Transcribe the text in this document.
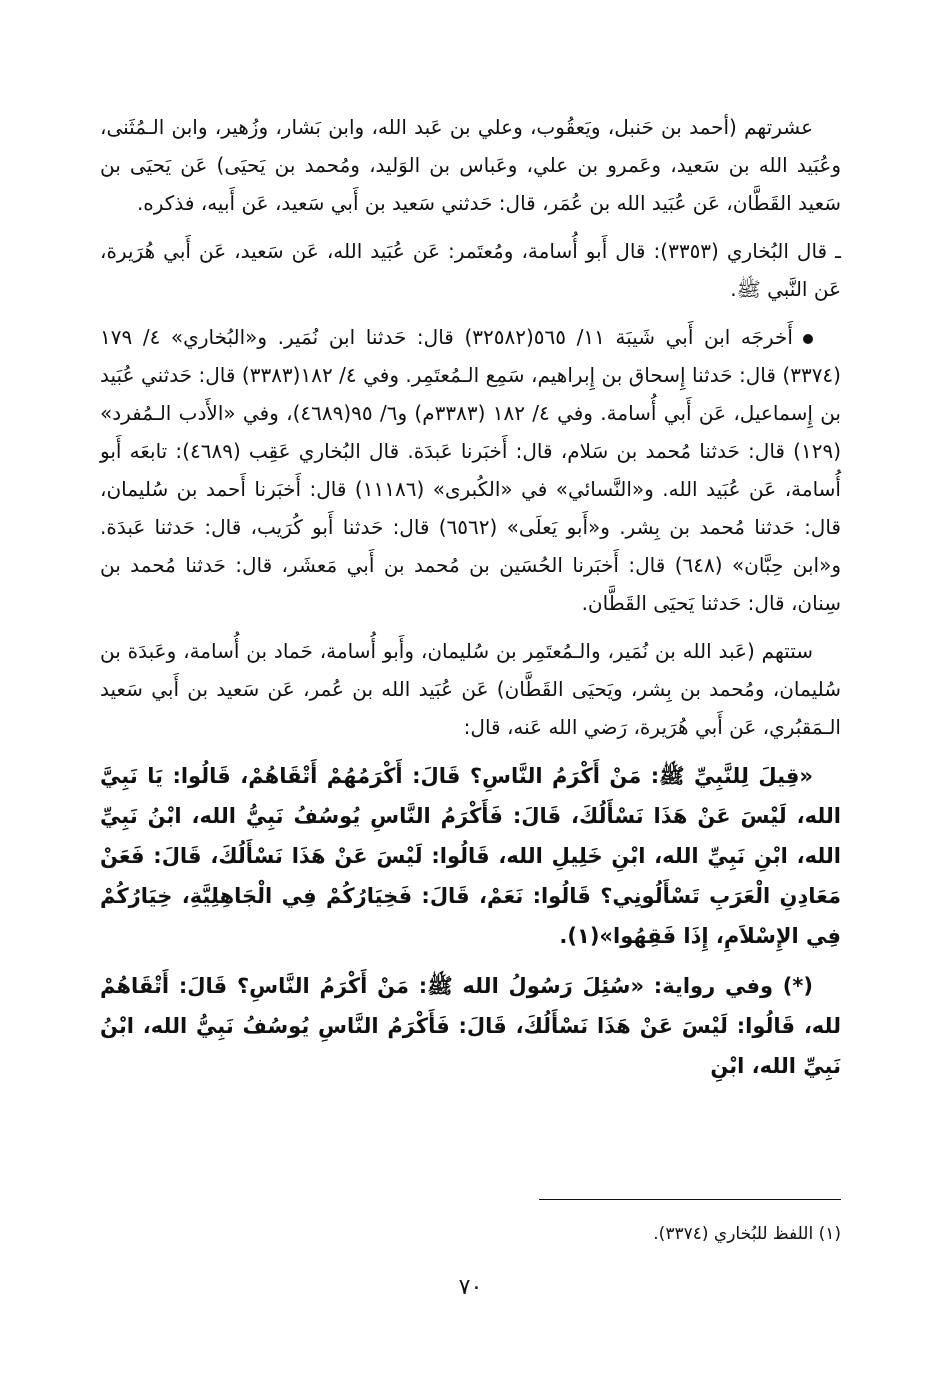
عشرتهم (أحمد بن حَنبل، ويَعقُوب، وعلي بن عَبد الله، وابن بَشار، وزُهير، وابن الـمُثَنى، وعُبَيد الله بن سَعيد، وعَمرو بن علي، وعَباس بن الوَليد، ومُحمد بن يَحيَى) عَن يَحيَى بن سَعيد القَطَّان، عَن عُبَيد الله بن عُمَر، قال: حَدثني سَعيد بن أَبي سَعيد، عَن أَبيه، فذكره.

ـ قال البُخاري (٣٣٥٣): قال أَبو أُسامة، ومُعتَمر: عَن عُبَيد الله، عَن سَعيد، عَن أَبي هُرَيرة، عَن النَّبي ﷺ.

أَخرجَه ابن أَبي شَيبَة ١١/ ٥٦٥(٣٢٥٨٢) قال: حَدثنا ابن نُمَير. و«البُخاري» ٤/ ١٧٩ (٣٣٧٤) قال: حَدثنا إِسحاق بن إِبراهيم، سَمِع الـمُعتَمِر. وفي ٤/ ١٨٢(٣٣٨٣) قال: حَدثني عُبَيد بن إِسماعيل، عَن أَبي أُسامة. وفي ٤/ ١٨٢ (٣٣٨٣م) و٦/ ٩٥(٤٦٨٩)، وفي «الأَدب الـمُفرد» (١٢٩) قال: حَدثنا مُحمد بن سَلام، قال: أَخبَرنا عَبدَة. قال البُخاري عَقِب (٤٦٨٩): تابعَه أَبو أُسامة، عَن عُبَيد الله. و«النَّسائي» في «الكُبرى» (١١١٨٦) قال: أَخبَرنا أَحمد بن سُليمان، قال: حَدثنا مُحمد بن بِشر. و«أَبو يَعلَى» (٦٥٦٢) قال: حَدثنا أَبو كُرَيب، قال: حَدثنا عَبدَة. و«ابن حِبَّان» (٦٤٨) قال: أَخبَرنا الحُسَين بن مُحمد بن أَبي مَعشَر، قال: حَدثنا مُحمد بن سِنان، قال: حَدثنا يَحيَى القَطَّان.

ستتهم (عَبد الله بن نُمَير، والـمُعتَمِر بن سُليمان، وأَبو أُسامة، حَماد بن أُسامة، وعَبدَة بن سُليمان، ومُحمد بن بِشر، ويَحيَى القَطَّان) عَن عُبَيد الله بن عُمر، عَن سَعيد بن أَبي سَعيد الـمَقبُري، عَن أَبي هُرَيرة، رَضي الله عَنه، قال:

«قِيلَ لِلنَّبِيِّ ﷺ: مَنْ أَكْرَمُ النَّاسِ؟ قَالَ: أَكْرَمُهُمْ أَتْقَاهُمْ، قَالُوا: يَا نَبِيَّ الله، لَيْسَ عَنْ هَذَا نَسْأَلُكَ، قَالَ: فَأَكْرَمُ النَّاسِ يُوسُفُ نَبِيُّ الله، ابْنُ نَبِيِّ الله، ابْنِ نَبِيِّ الله، ابْنِ خَلِيلِ الله، قَالُوا: لَيْسَ عَنْ هَذَا نَسْأَلُكَ، قَالَ: فَعَنْ مَعَادِنِ الْعَرَبِ تَسْأَلُونِي؟ قَالُوا: نَعَمْ، قَالَ: فَخِيَارُكُمْ فِي الْجَاهِلِيَّةِ، خِيَارُكُمْ فِي الإِسْلاَمِ، إِذَا فَقِهُوا»(١).

(*) وفي رواية: «سُئِلَ رَسُولُ الله ﷺ: مَنْ أَكْرَمُ النَّاسِ؟ قَالَ: أَتْقَاهُمْ لله، قَالُوا: لَيْسَ عَنْ هَذَا نَسْأَلُكَ، قَالَ: فَأَكْرَمُ النَّاسِ يُوسُفُ نَبِيُّ الله، ابْنُ نَبِيِّ الله، ابْنِ

(١) اللفظ للبُخاري (٣٣٧٤).
٧٠
